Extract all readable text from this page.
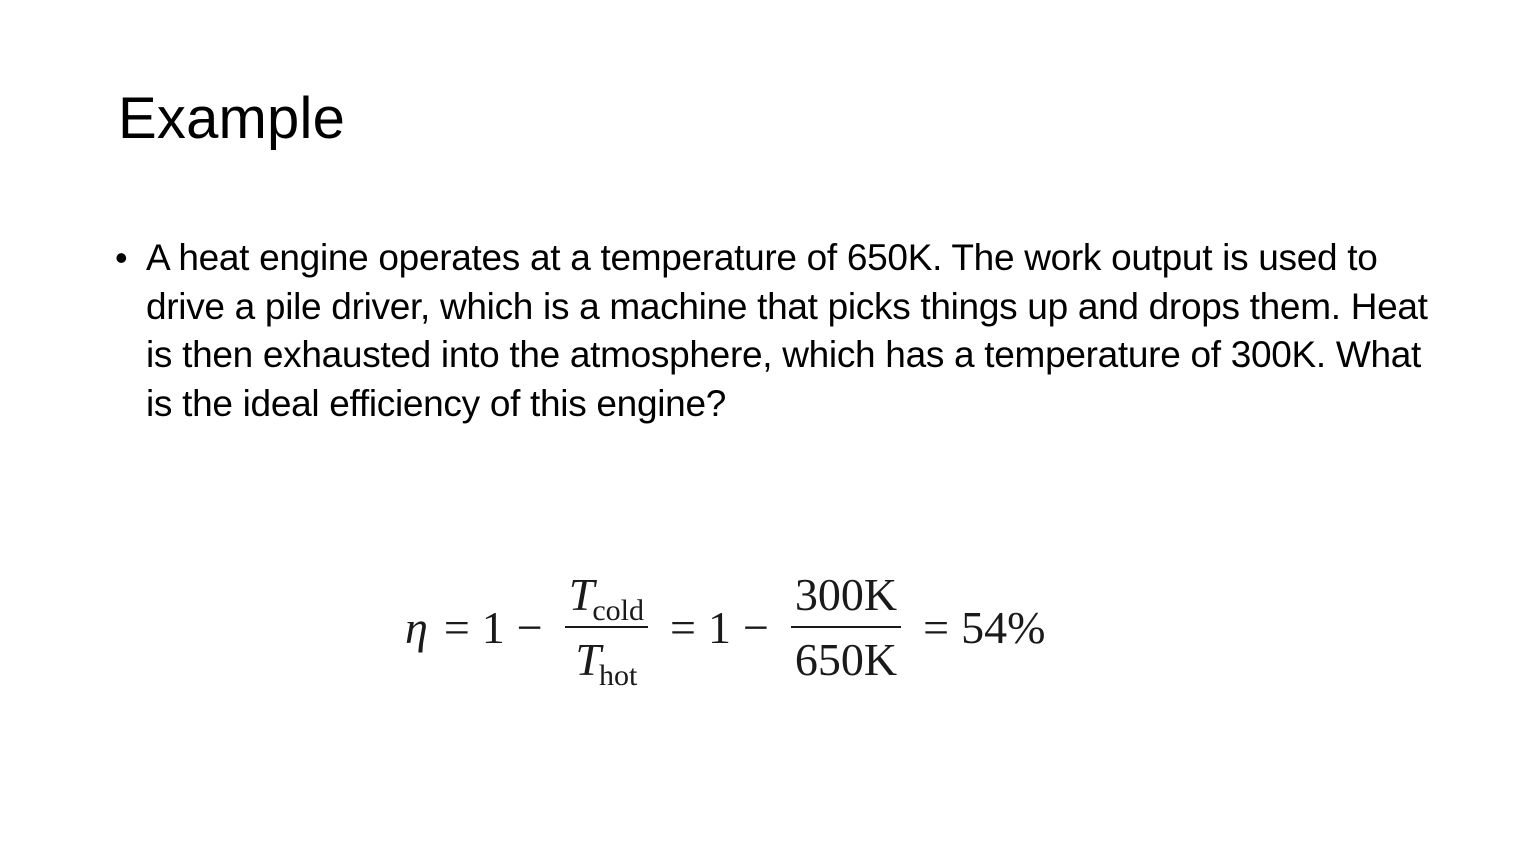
Example
• A heat engine operates at a temperature of 650K. The work output is used to drive a pile driver, which is a machine that picks things up and drops them. Heat is then exhausted into the atmosphere, which has a temperature of 300K. What is the ideal efficiency of this engine?
$\eta = 1 - \frac{T_{cold}}{T_{hot}} = 1 - \frac{300K}{650K} = 54\%$
